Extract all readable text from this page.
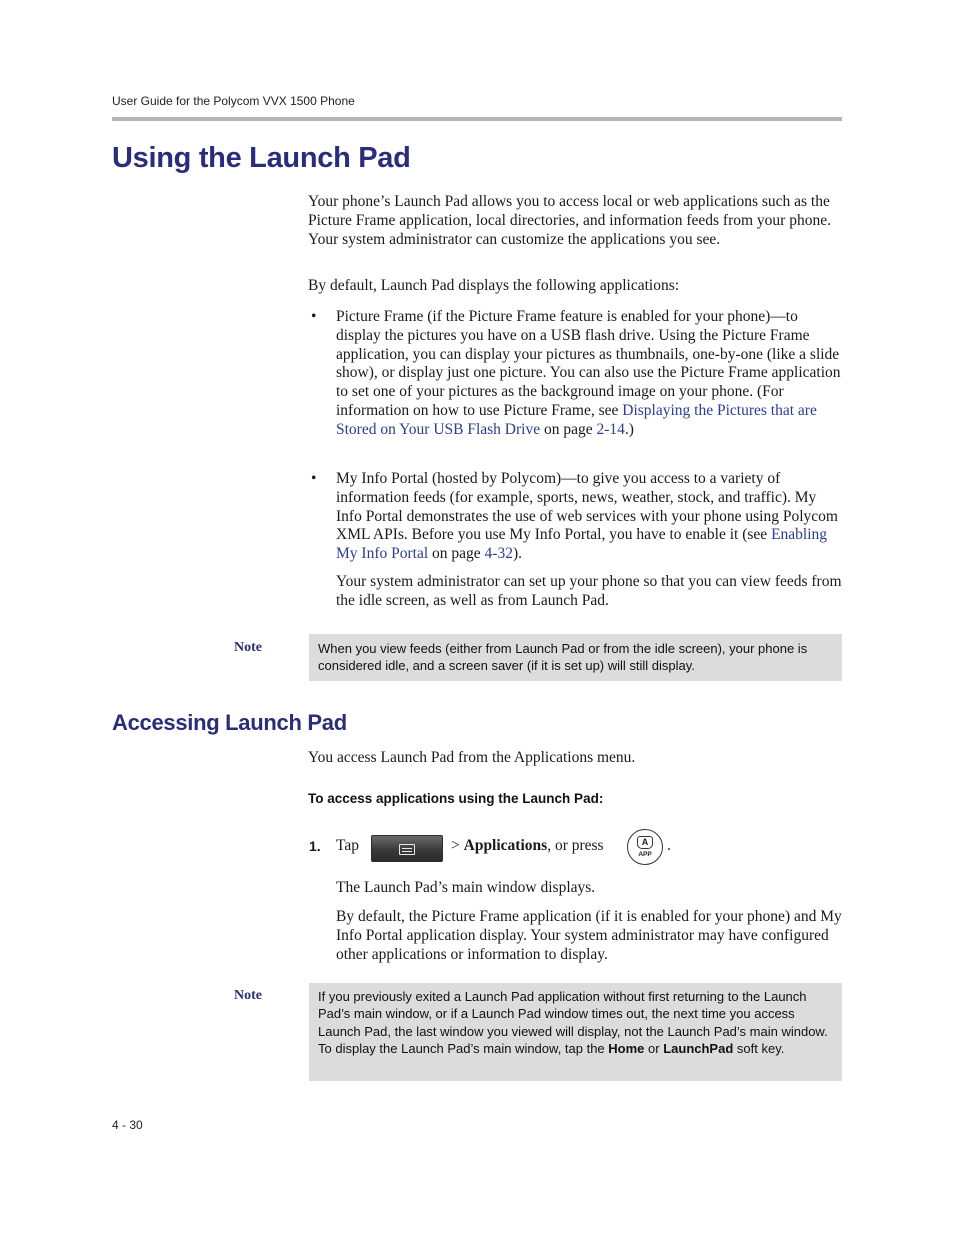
User Guide for the Polycom VVX 1500 Phone
Using the Launch Pad

Your phone’s Launch Pad allows you to access local or web applications such as the Picture Frame application, local directories, and information feeds from your phone. Your system administrator can customize the applications you see.

By default, Launch Pad displays the following applications:

• Picture Frame (if the Picture Frame feature is enabled for your phone)—to display the pictures you have on a USB flash drive. Using the Picture Frame application, you can display your pictures as thumbnails, one-by-one (like a slide show), or display just one picture. You can also use the Picture Frame application to set one of your pictures as the background image on your phone. (For information on how to use Picture Frame, see Displaying the Pictures that are Stored on Your USB Flash Drive on page 2-14.)

• My Info Portal (hosted by Polycom)—to give you access to a variety of information feeds (for example, sports, news, weather, stock, and traffic). My Info Portal demonstrates the use of web services with your phone using Polycom XML APIs. Before you use My Info Portal, you have to enable it (see Enabling My Info Portal on page 4-32).

Your system administrator can set up your phone so that you can view feeds from the idle screen, as well as from Launch Pad.

Note	When you view feeds (either from Launch Pad or from the idle screen), your phone is considered idle, and a screen saver (if it is set up) will still display.
Accessing Launch Pad

You access Launch Pad from the Applications menu.

To access applications using the Launch Pad:
1. Tap	> Applications, or press	A
APP
.

The Launch Pad’s main window displays.

By default, the Picture Frame application (if it is enabled for your phone) and My Info Portal application display. Your system administrator may have configured other applications or information to display.

Note	If you previously exited a Launch Pad application without first returning to the Launch Pad’s main window, or if a Launch Pad window times out, the next time you access Launch Pad, the last window you viewed will display, not the Launch Pad’s main window. To display the Launch Pad’s main window, tap the Home or LaunchPad soft key.
4 - 30
